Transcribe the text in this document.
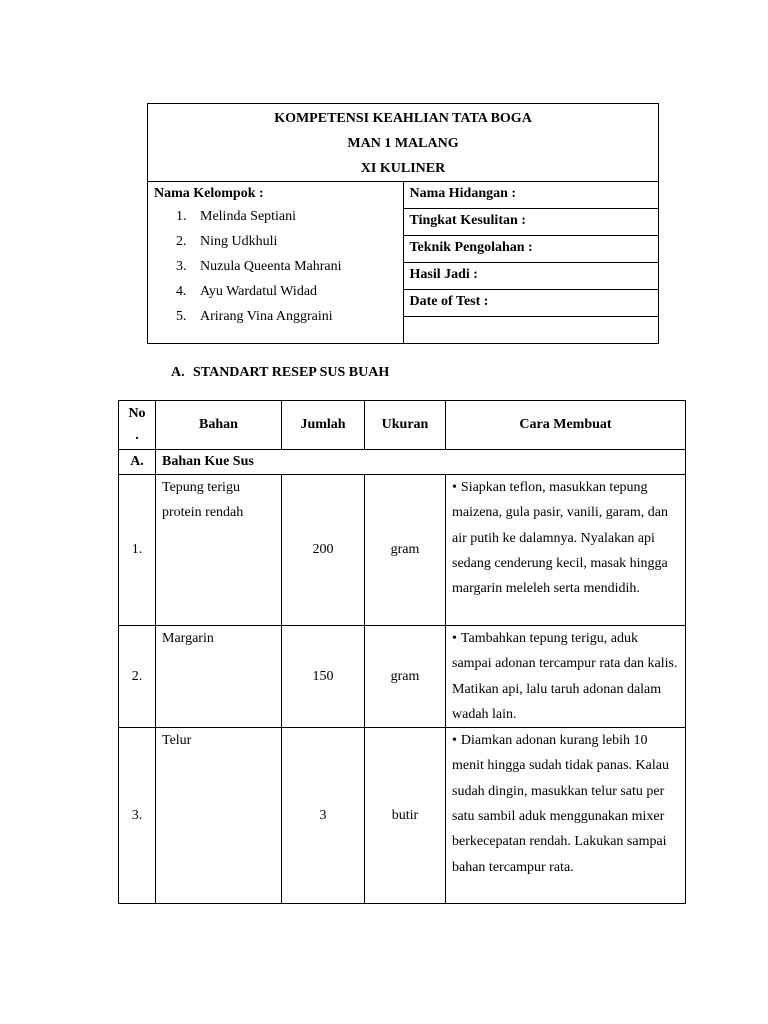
KOMPETENSI KEAHLIAN TATA BOGA
MAN 1 MALANG
XI KULINER

Nama Kelompok :
1. Melinda Septiani
2. Ning Udkhuli
3. Nuzula Queenta Mahrani
4. Ayu Wardatul Widad
5. Arirang Vina Anggraini
	Nama Hidangan :
Tingkat Kesulitan :
Teknik Pengolahan :
Hasil Jadi :
Date of Test :

A. STANDART RESEP SUS BUAH
No
.	Bahan	Jumlah	Ukuran	Cara Membuat
A.	Bahan Kue Sus			
1.	Tepung terigu
protein rendah	200	gram	• Siapkan teflon, masukkan tepung maizena, gula pasir, vanili, garam, dan air putih ke dalamnya. Nyalakan api sedang cenderung kecil, masak hingga margarin meleleh serta mendidih.
2.	Margarin	150	gram	• Tambahkan tepung terigu, aduk sampai adonan tercampur rata dan kalis. Matikan api, lalu taruh adonan dalam wadah lain.
3.	Telur	3	butir	• Diamkan adonan kurang lebih 10 menit hingga sudah tidak panas. Kalau sudah dingin, masukkan telur satu per satu sambil aduk menggunakan mixer berkecepatan rendah. Lakukan sampai bahan tercampur rata.
